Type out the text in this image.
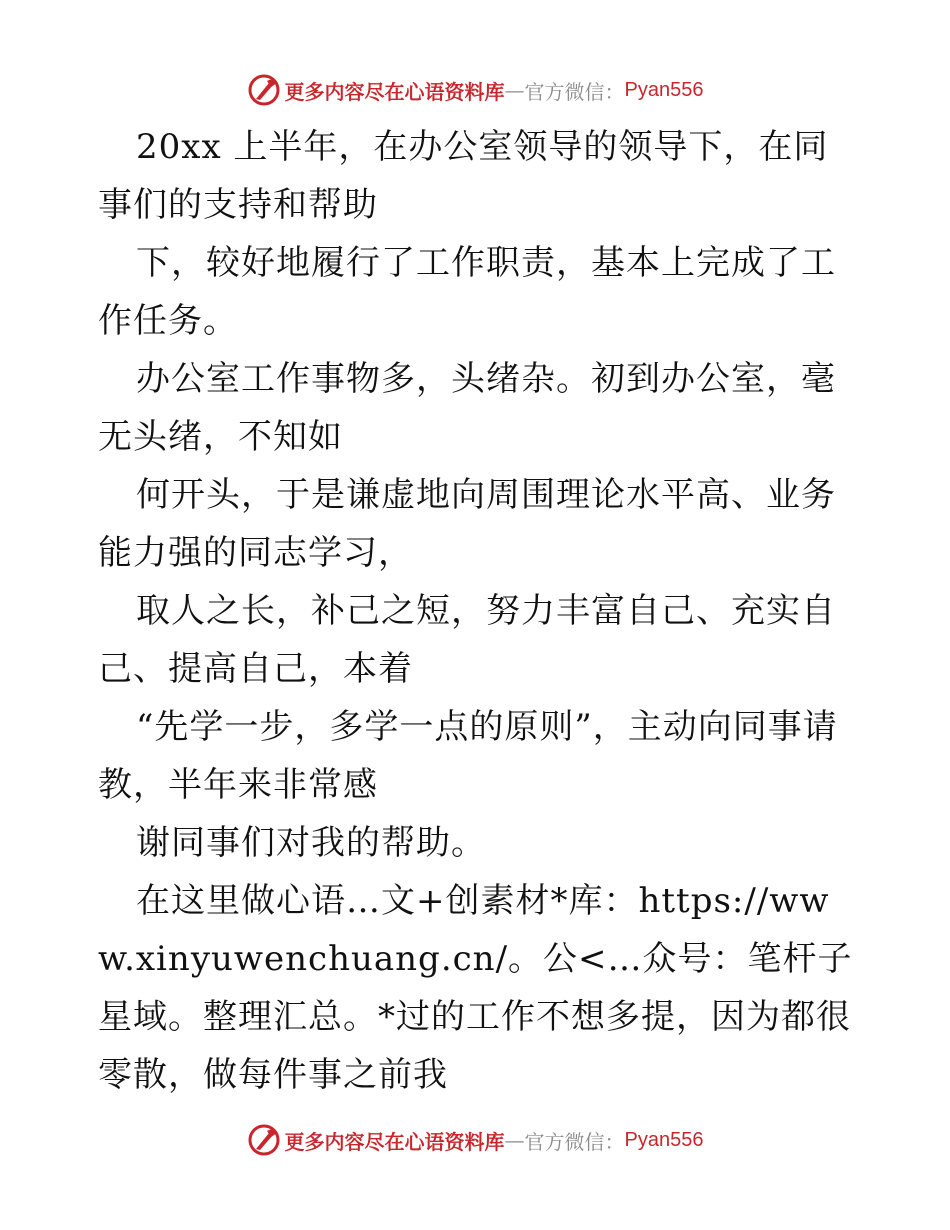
更多内容尽在心语资料库 — 官方微信： Pyan556

20xx 上半年，在办公室领导的领导下，在同事们的支持和帮助

下，较好地履行了工作职责，基本上完成了工作任务。

办公室工作事物多，头绪杂。初到办公室，毫无头绪，不知如

何开头，于是谦虚地向周围理论水平高、业务能力强的同志学习，

取人之长，补己之短，努力丰富自己、充实自己、提高自己，本着

“先学一步，多学一点的原则”，主动向同事请教，半年来非常感

谢同事们对我的帮助。

在这里做心语…文+创素材*库：https://www.xinyuwenchuang.cn/。公<…众号：笔杆子星域。整理汇总。*过的工作不想多提，因为都很零散，做每件事之前我

更多内容尽在心语资料库 — 官方微信： Pyan556
